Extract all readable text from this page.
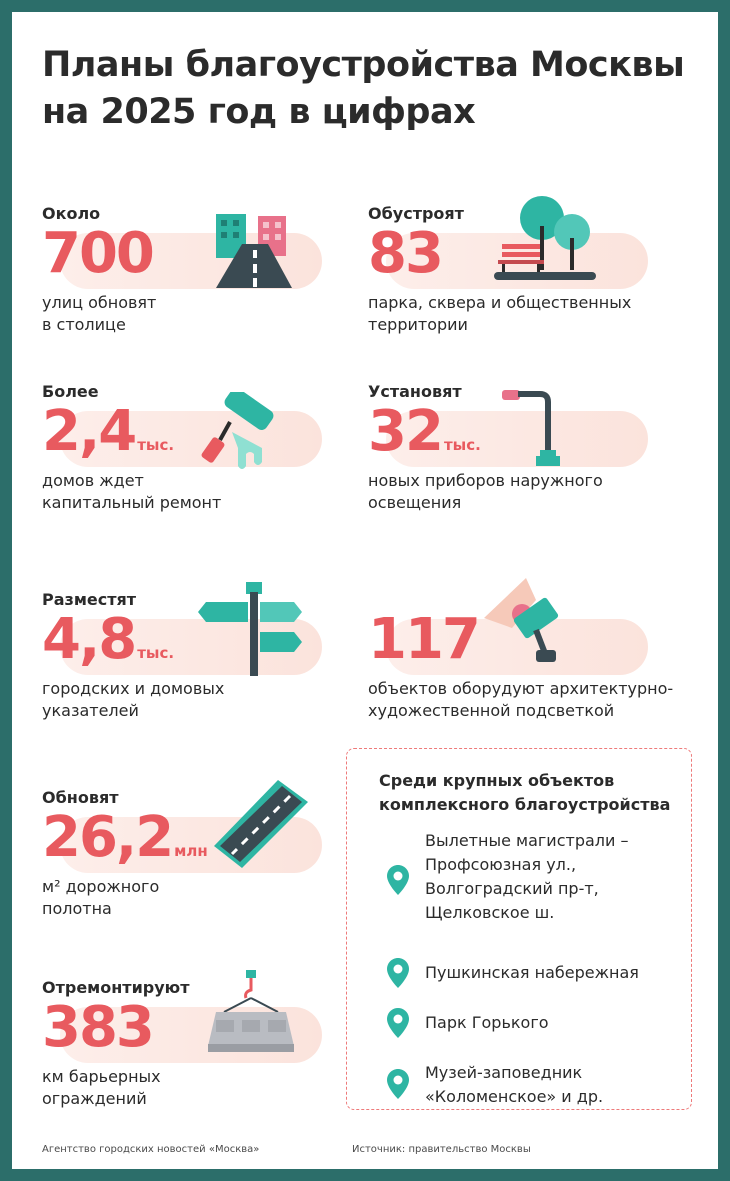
Планы благоустройства Москвы
на 2025 год в цифрах
Около
700
улиц обновят
в столице
Обустроят
83
парка, сквера и общественных
территории
Более
2,4 тыс.
домов ждет
капитальный ремонт
Установят
32 тыс.
новых приборов наружного
освещения
Разместят
4,8 тыс.
городских и домовых
указателей
117
объектов оборудуют архитектурно-
художественной подсветкой
Обновят
26,2 млн
м² дорожного
полотна
Отремонтируют
383
км барьерных
ограждений
Среди крупных объектов
комплексного благоустройства
Вылетные магистрали –
Профсоюзная ул.,
Волгоградский пр-т,
Щелковское ш.
Пушкинская набережная
Парк Горького
Музей-заповедник
«Коломенское» и др.
Агентство городских новостей «Москва»	Источник: правительство Москвы
